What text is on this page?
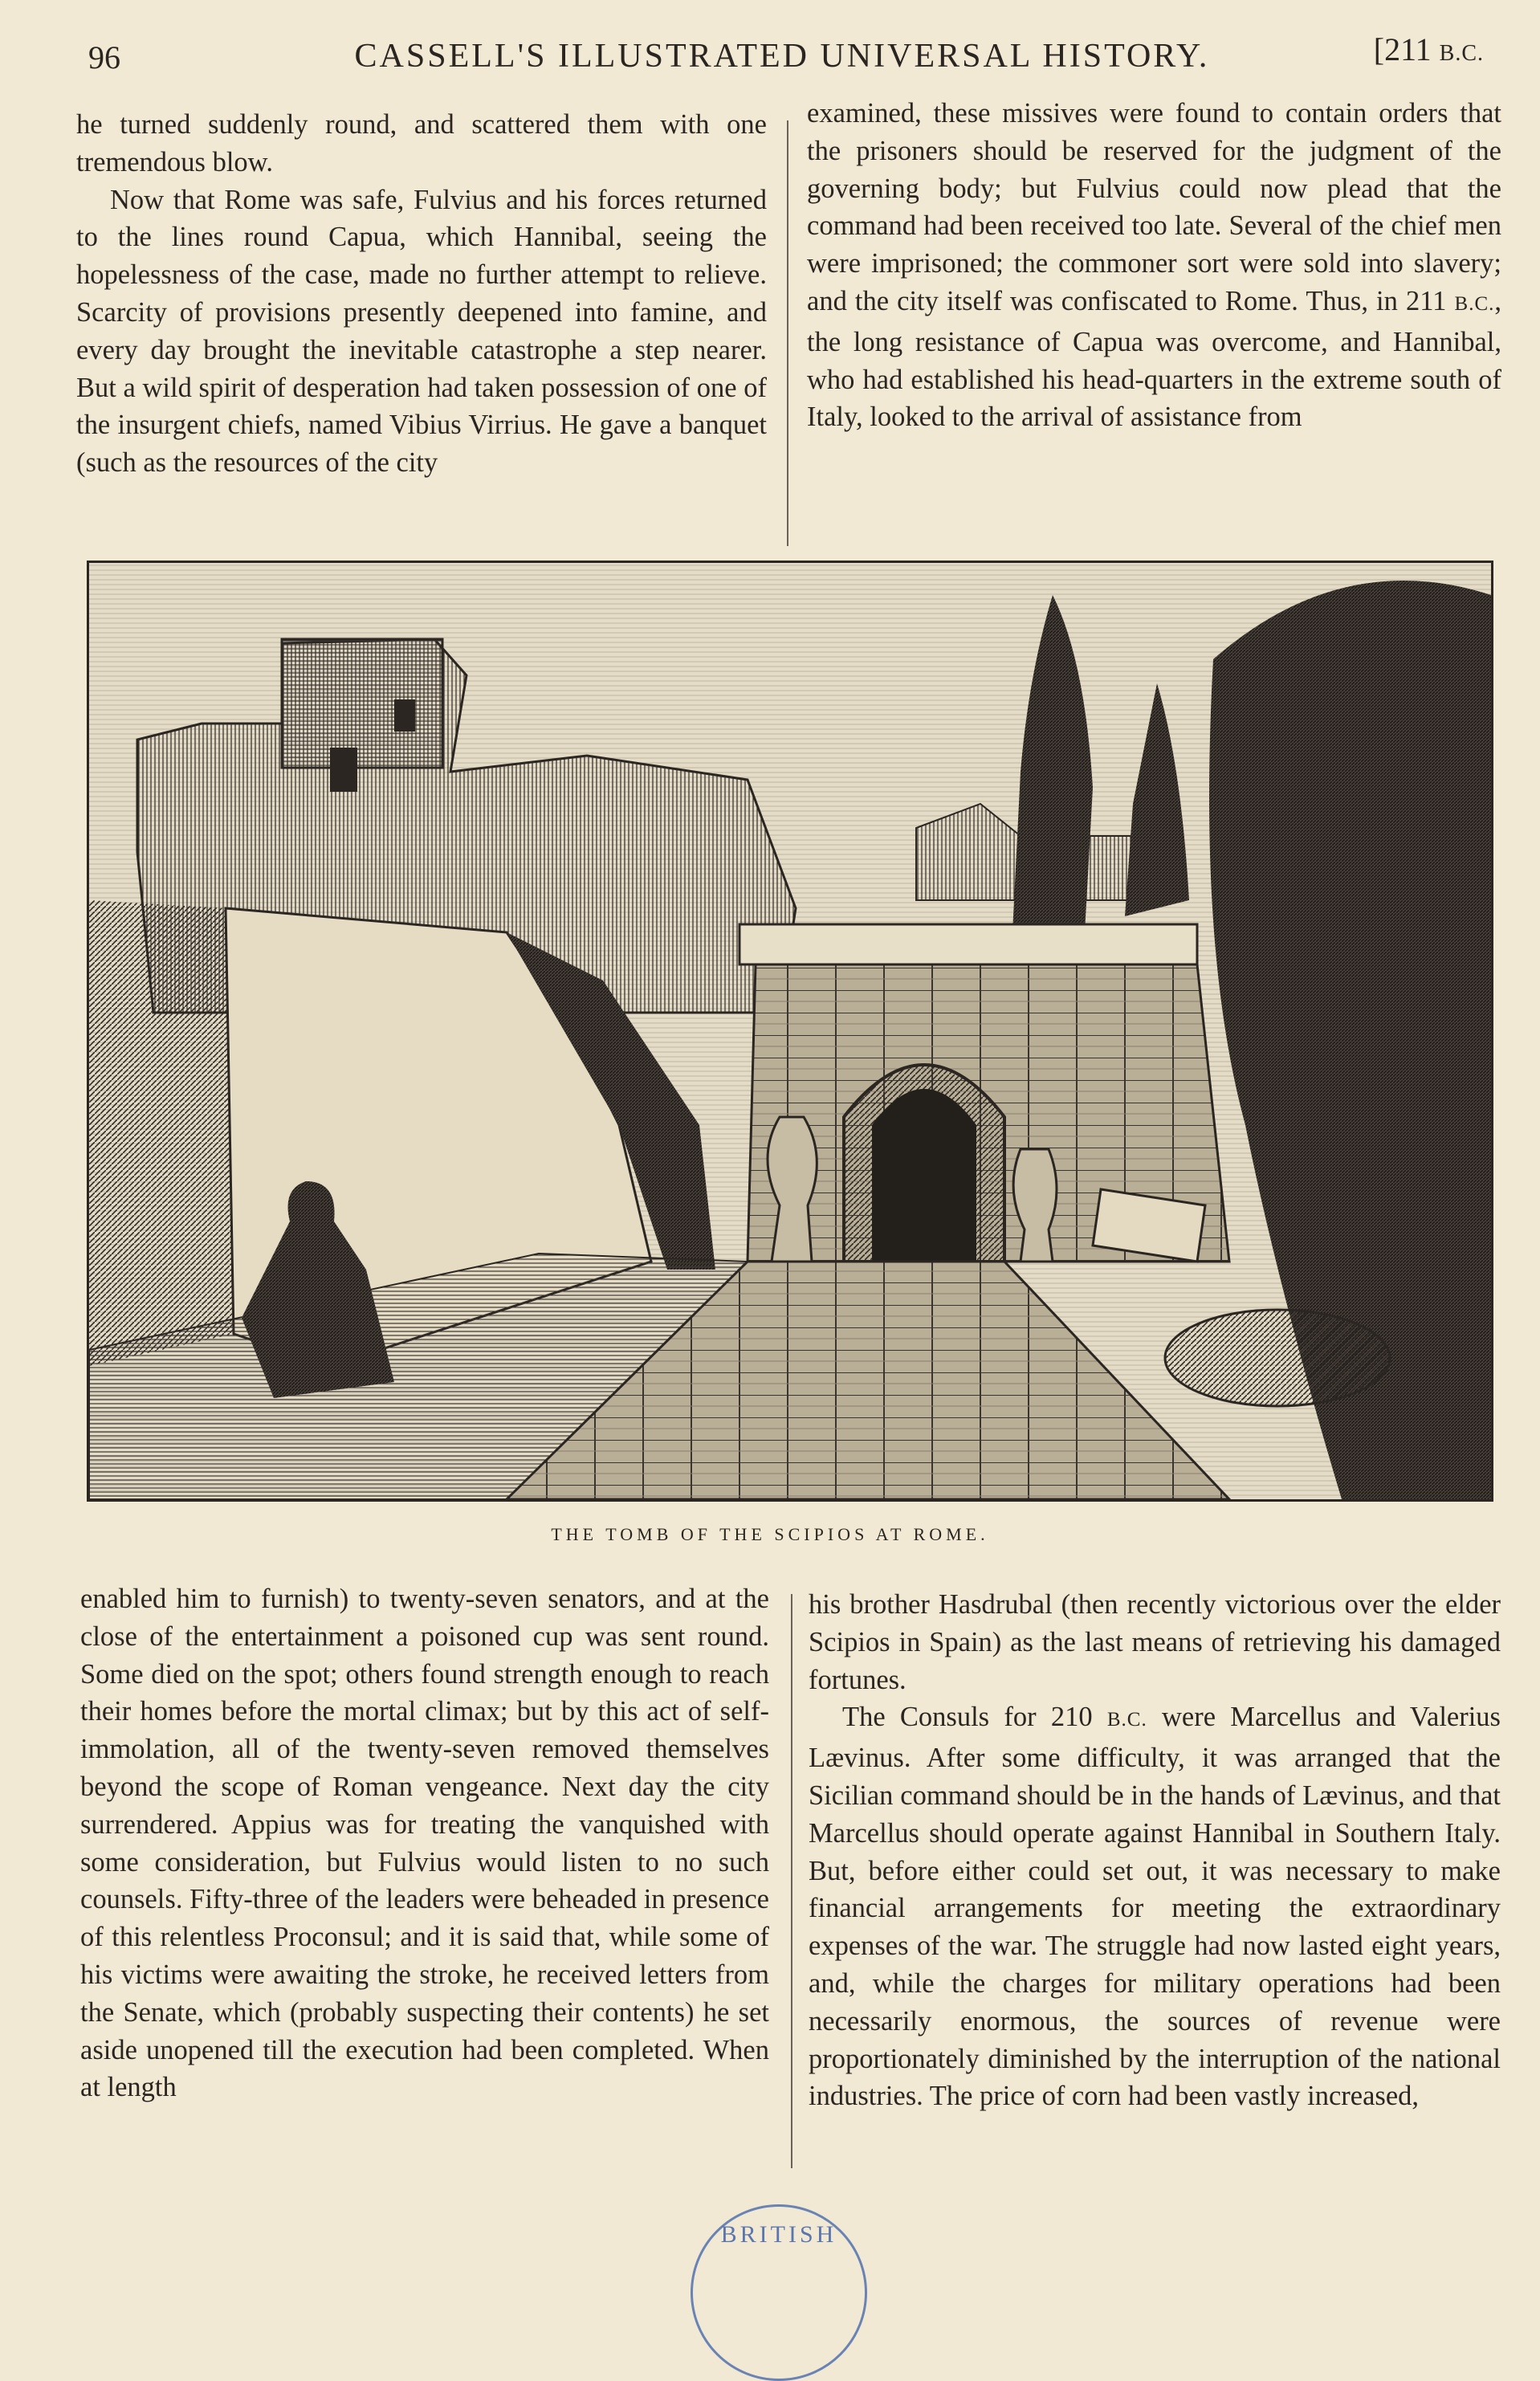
96	CASSELL'S ILLUSTRATED UNIVERSAL HISTORY.	[211 B.C.

he turned suddenly round, and scattered them with one tremendous blow.

Now that Rome was safe, Fulvius and his forces returned to the lines round Capua, which Hannibal, seeing the hopelessness of the case, made no further attempt to relieve. Scarcity of provisions presently deepened into famine, and every day brought the inevitable catastrophe a step nearer. But a wild spirit of desperation had taken possession of one of the insurgent chiefs, named Vibius Virrius. He gave a banquet (such as the resources of the city

examined, these missives were found to contain orders that the prisoners should be reserved for the judgment of the governing body; but Fulvius could now plead that the command had been received too late. Several of the chief men were imprisoned; the commoner sort were sold into slavery; and the city itself was confiscated to Rome. Thus, in 211 B.C., the long resistance of Capua was overcome, and Hannibal, who had established his head-quarters in the extreme south of Italy, looked to the arrival of assistance from

THE TOMB OF THE SCIPIOS AT ROME.

enabled him to furnish) to twenty-seven senators, and at the close of the entertainment a poisoned cup was sent round. Some died on the spot; others found strength enough to reach their homes before the mortal climax; but by this act of self-immolation, all of the twenty-seven removed themselves beyond the scope of Roman vengeance. Next day the city surrendered. Appius was for treating the vanquished with some consideration, but Fulvius would listen to no such counsels. Fifty-three of the leaders were beheaded in presence of this relentless Proconsul; and it is said that, while some of his victims were awaiting the stroke, he received letters from the Senate, which (probably suspecting their contents) he set aside unopened till the execution had been completed. When at length

his brother Hasdrubal (then recently victorious over the elder Scipios in Spain) as the last means of retrieving his damaged fortunes.

The Consuls for 210 B.C. were Marcellus and Valerius Lævinus. After some difficulty, it was arranged that the Sicilian command should be in the hands of Lævinus, and that Marcellus should operate against Hannibal in Southern Italy. But, before either could set out, it was necessary to make financial arrangements for meeting the extraordinary expenses of the war. The struggle had now lasted eight years, and, while the charges for military operations had been necessarily enormous, the sources of revenue were proportionately diminished by the interruption of the national industries. The price of corn had been vastly increased,

BRITISH
